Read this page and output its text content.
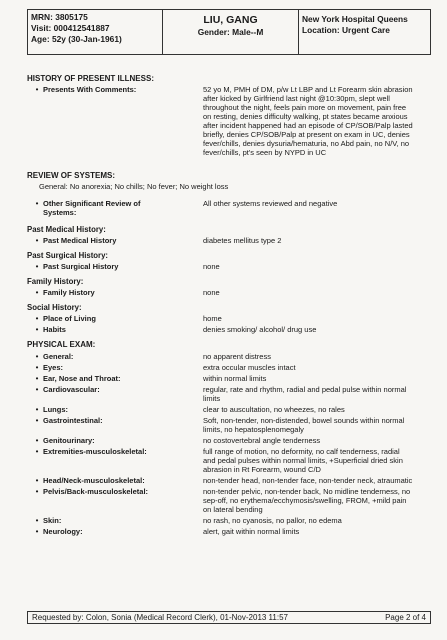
MRN: 3805175
Visit: 000412541887
Age: 52y (30-Jan-1961)
LIU, GANG
Gender: Male--M
New York Hospital Queens
Location: Urgent Care
HISTORY OF PRESENT ILLNESS:
• Presents With Comments:	52 yo M, PMH of DM, p/w Lt LBP and Lt Forearm skin abrasion after kicked by Girlfriend last night @10:30pm, slept well throughout the night, feels pain more on movement, pain free on resting, denies difficulty walking, pt states became anxious after incident happened had an episode of CP/SOB/Palp lasted briefly, denies CP/SOB/Palp at present on exam in UC, denies fever/chills, denies dysuria/hematuria, no Abd pain, no N/V, no fever/chills, pt's seen by NYPD in UC
REVIEW OF SYSTEMS:
General: No anorexia; No chills; No fever; No weight loss
• Other Significant Review of Systems:
All other systems reviewed and negative
Past Medical History:
• Past Medical History	diabetes mellitus type 2
Past Surgical History:
• Past Surgical History	none
Family History:
• Family History	none
Social History:
• Place of Living	home
• Habits	denies smoking/ alcohol/ drug use
PHYSICAL EXAM:
• General:	no apparent distress
• Eyes:	extra occular muscles intact
• Ear, Nose and Throat:	within normal limits
• Cardiovascular:	regular, rate and rhythm, radial and pedal pulse within normal limits
• Lungs:	clear to auscultation, no wheezes, no rales
• Gastrointestinal:	Soft, non-tender, non-distended, bowel sounds within normal limits, no hepatosplenomegaly
• Genitourinary:	no costovertebral angle tenderness
• Extremities-musculoskeletal:	full range of motion, no deformity, no calf tenderness, radial and pedal pulses within normal limits, +Superficial dried skin abrasion in Rt Forearm, wound C/D
• Head/Neck-musculoskeletal:	non-tender head, non-tender face, non-tender neck, atraumatic
• Pelvis/Back-musculoskeletal:	non-tender pelvic, non-tender back, No midline tenderness, no sep-off, no erythema/ecchymosis/swelling, FROM, +mild pain on lateral bending
• Skin:	no rash, no cyanosis, no pallor, no edema
• Neurology:	alert, gait within normal limits
Requested by: Colon, Sonia (Medical Record Clerk), 01-Nov-2013 11:57	Page 2 of 4
